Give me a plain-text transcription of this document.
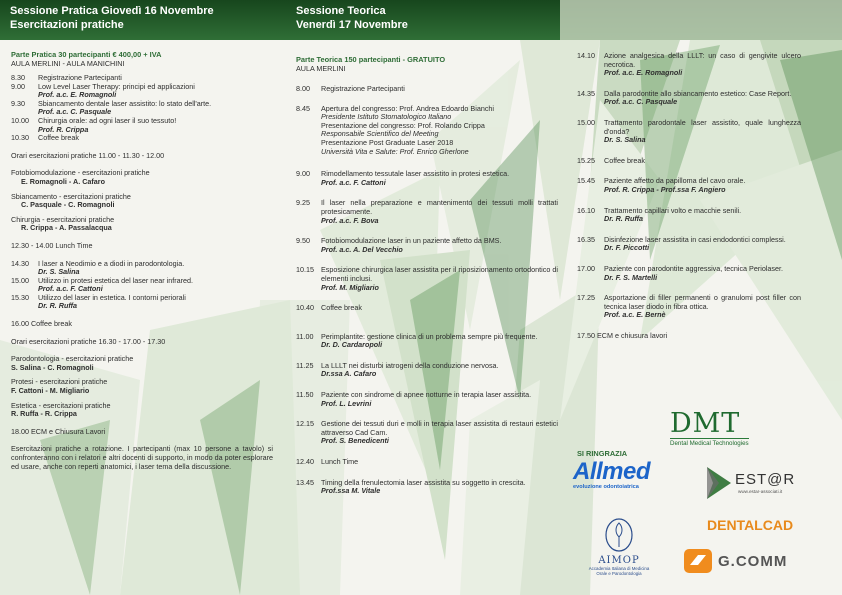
Sessione Pratica Giovedì 16 Novembre
Esercitazioni pratiche
Sessione Teorica
Venerdì 17 Novembre
Parte Pratica 30 partecipanti € 400,00 + IVA
AULA MERLINI - AULA MANICHINI
8.30	Registrazione Partecipanti
9.00	Low Level Laser Therapy: principi ed applicazioni
Prof. a.c. E. Romagnoli
9.30	Sbiancamento dentale laser assistito: lo stato dell'arte.
Prof. a.c. C. Pasquale
10.00	Chirurgia orale: ad ogni laser il suo tessuto!
Prof. R. Crippa
10.30	Coffee break
Orari esercitazioni pratiche 11.00 - 11.30 - 12.00
Fotobiomodulazione - esercitazioni pratiche
E. Romagnoli - A. Cafaro
Sbiancamento - esercitazioni pratiche
C. Pasquale - C. Romagnoli
Chirurgia - esercitazioni pratiche
R. Crippa - A. Passalacqua
12.30 - 14.00 Lunch Time
14.30	I laser a Neodimio e a diodi in parodontologia.
Dr. S. Salina
15.00	Utilizzo in protesi estetica del laser near infrared.
Prof. a.c. F. Cattoni
15.30	Utilizzo del laser in estetica. I contorni periorali
Dr. R. Ruffa
16.00 Coffee break
Orari esercitazioni pratiche 16.30 - 17.00 - 17.30
Parodontologia - esercitazioni pratiche
S. Salina - C. Romagnoli
Protesi - esercitazioni pratiche
F. Cattoni - M. Migliario
Estetica - esercitazioni pratiche
R. Ruffa - R. Crippa
18.00 ECM e Chiusura Lavori
Esercitazioni pratiche a rotazione. I partecipanti (max 10 persone a tavolo) si confronteranno con i relatori e altri docenti di supporto, in modo da poter esplorare ed usare, anche con reperti anatomici, i laser tema della discussione.
Parte Teorica 150 partecipanti - GRATUITO
AULA MERLINI
8.00	Registrazione Partecipanti
8.45	Apertura del congresso: Prof. Andrea Edoardo Bianchi
Presidente Istituto Stomatologico Italiano
Presentazione del congresso: Prof. Rolando Crippa
Responsabile Scientifico del Meeting
Presentazione Post Graduate Laser 2018
Università Vita e Salute: Prof. Enrico Gherlone
9.00	Rimodellamento tessutale laser assistito in protesi estetica.
Prof. a.c. F. Cattoni
9.25	Il laser nella preparazione e mantenimento dei tessuti molli trattati protesicamente.
Prof. a.c. F. Bova
9.50	Fotobiomodulazione laser in un paziente affetto da BMS.
Prof. a.c. A. Del Vecchio
10.15 Esposizione chirurgica laser assistita per il riposizionamento ortodontico di elementi inclusi.
Prof. M. Migliario
10.40 Coffee break
11.00	Perimplantite: gestione clinica di un problema sempre più frequente.
Dr. D. Cardaropoli
11.25	La LLLT nei disturbi iatrogeni della conduzione nervosa.
Dr.ssa A. Cafaro
11.50	Paziente con sindrome di apnee notturne in terapia laser assistita.
Prof. L. Levrini
12.15 Gestione dei tessuti duri e molli in terapia laser assistita di restauri estetici attraverso Cad Cam.
Prof. S. Benedicenti
12.40 Lunch Time
13.45 Timing della frenulectomia laser assistita su soggetto in crescita.
Prof.ssa M. Vitale
14.10	Azione analgesica della LLLT: un caso di gengivite ulcero necrotica.
Prof. a.c. E. Romagnoli
14.35	Dalla parodontite allo sbiancamento estetico: Case Report.
Prof. a.c. C. Pasquale
15.00	Trattamento parodontale laser assistito, quale lunghezza d'onda?
Dr. S. Salina
15.25	Coffee break
15.45	Paziente affetto da papilloma del cavo orale.
Prof. R. Crippa - Prof.ssa F. Angiero
16.10	Trattamento capillari volto e macchie senili.
Dr. R. Ruffa
16.35	Disinfezione laser assistita in casi endodontici complessi.
Dr. F. Piccotti
17.00	Paziente con parodontite aggressiva, tecnica Periolaser.
Dr. F. S. Martelli
17.25	Asportazione di filler permanenti o granulomi post filler con tecnica laser diodo in fibra ottica.
Prof. a.c. E. Bernè
17.50 ECM e chiusura lavori
SI RINGRAZIA
DMT
Dental Medical Technologies
Allmed
evoluzione odontoiatrica	EST@R
www.estar-associati.it
AIMOP
Accademia Italiana di Medicina Orale e Parodontologia
DENTALCAD
G.COMM
